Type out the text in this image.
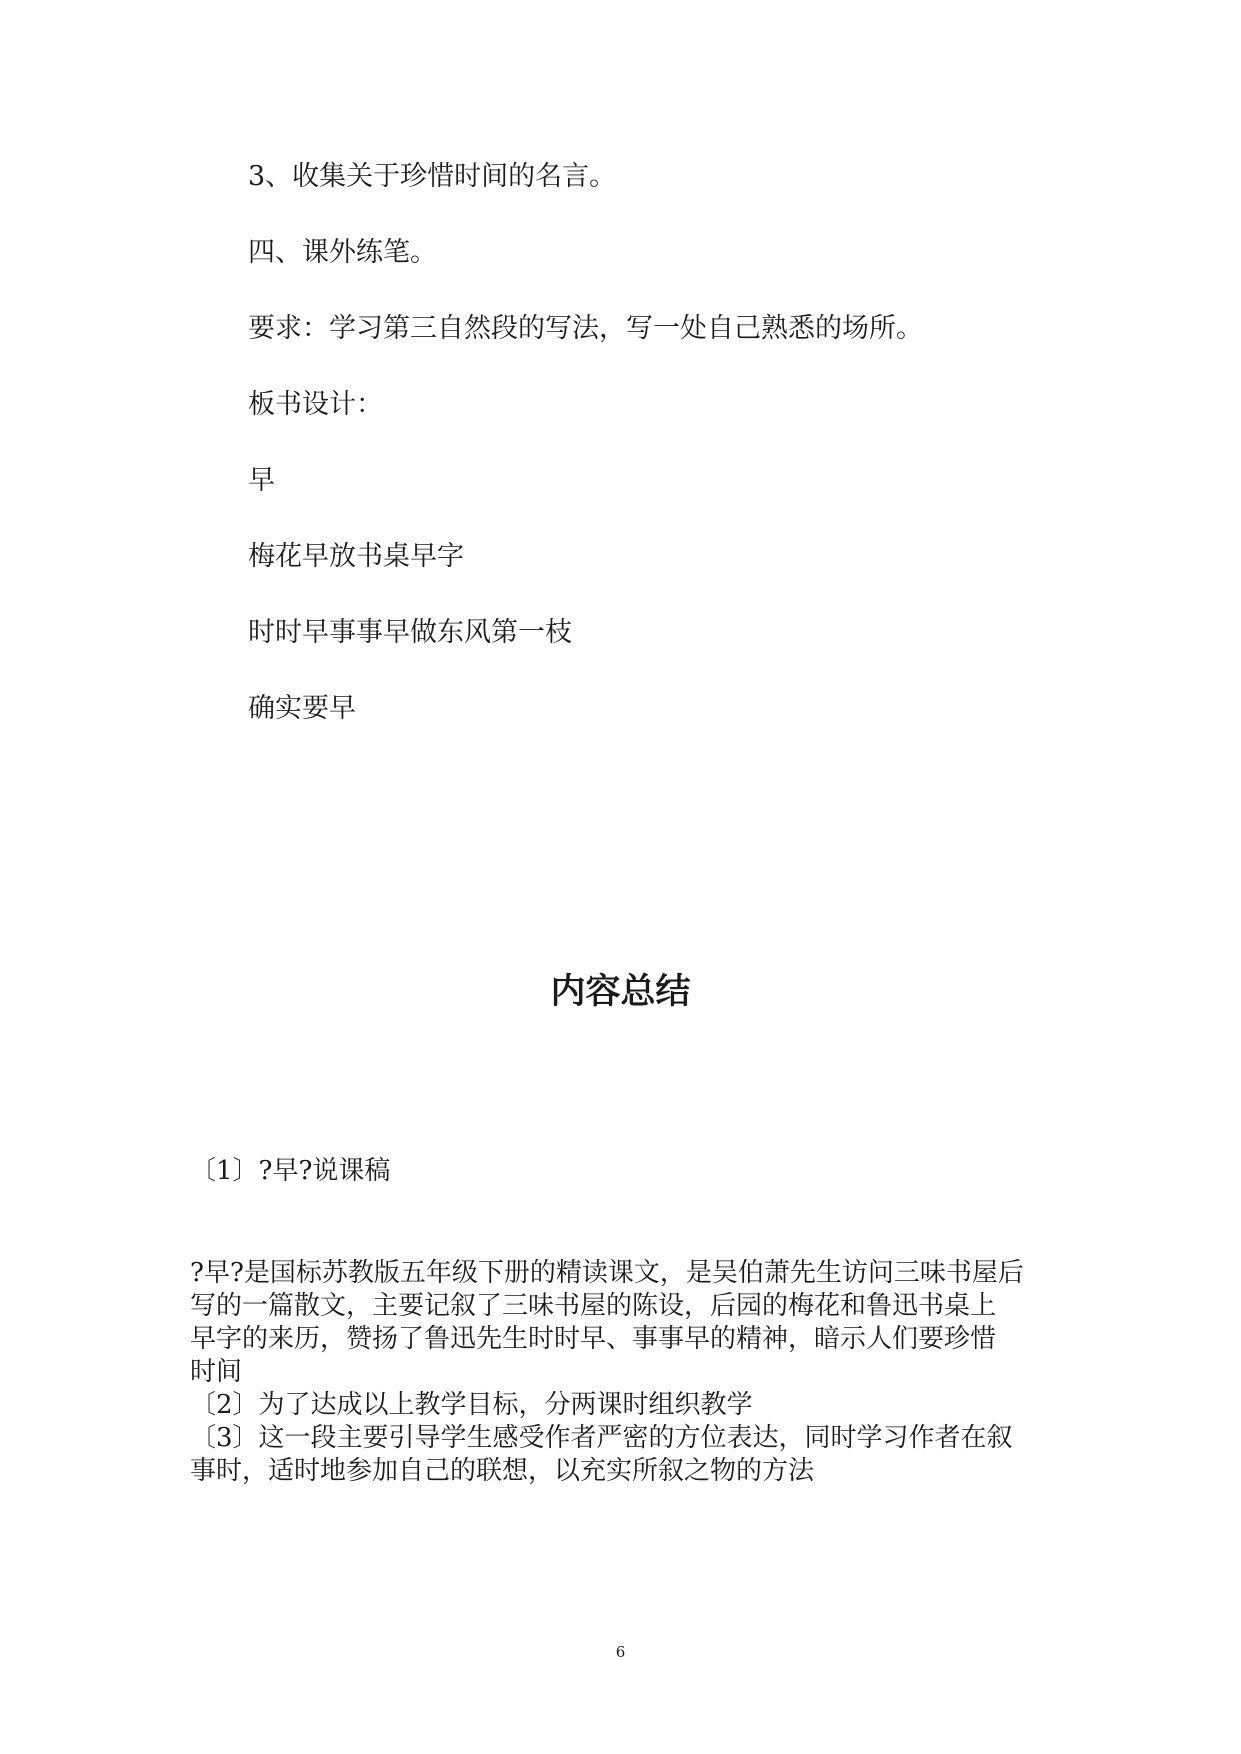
3、收集关于珍惜时间的名言。
四、课外练笔。
要求：学习第三自然段的写法，写一处自己熟悉的场所。
板书设计：
早
梅花早放书桌早字
时时早事事早做东风第一枝
确实要早
内容总结
〔1〕?早?说课稿
?早?是国标苏教版五年级下册的精读课文，是吴伯萧先生访问三味书屋后
写的一篇散文，主要记叙了三味书屋的陈设，后园的梅花和鲁迅书桌上
早字的来历，赞扬了鲁迅先生时时早、事事早的精神，暗示人们要珍惜
时间
〔2〕为了达成以上教学目标，分两课时组织教学
〔3〕这一段主要引导学生感受作者严密的方位表达，同时学习作者在叙
事时，适时地参加自己的联想，以充实所叙之物的方法
6
